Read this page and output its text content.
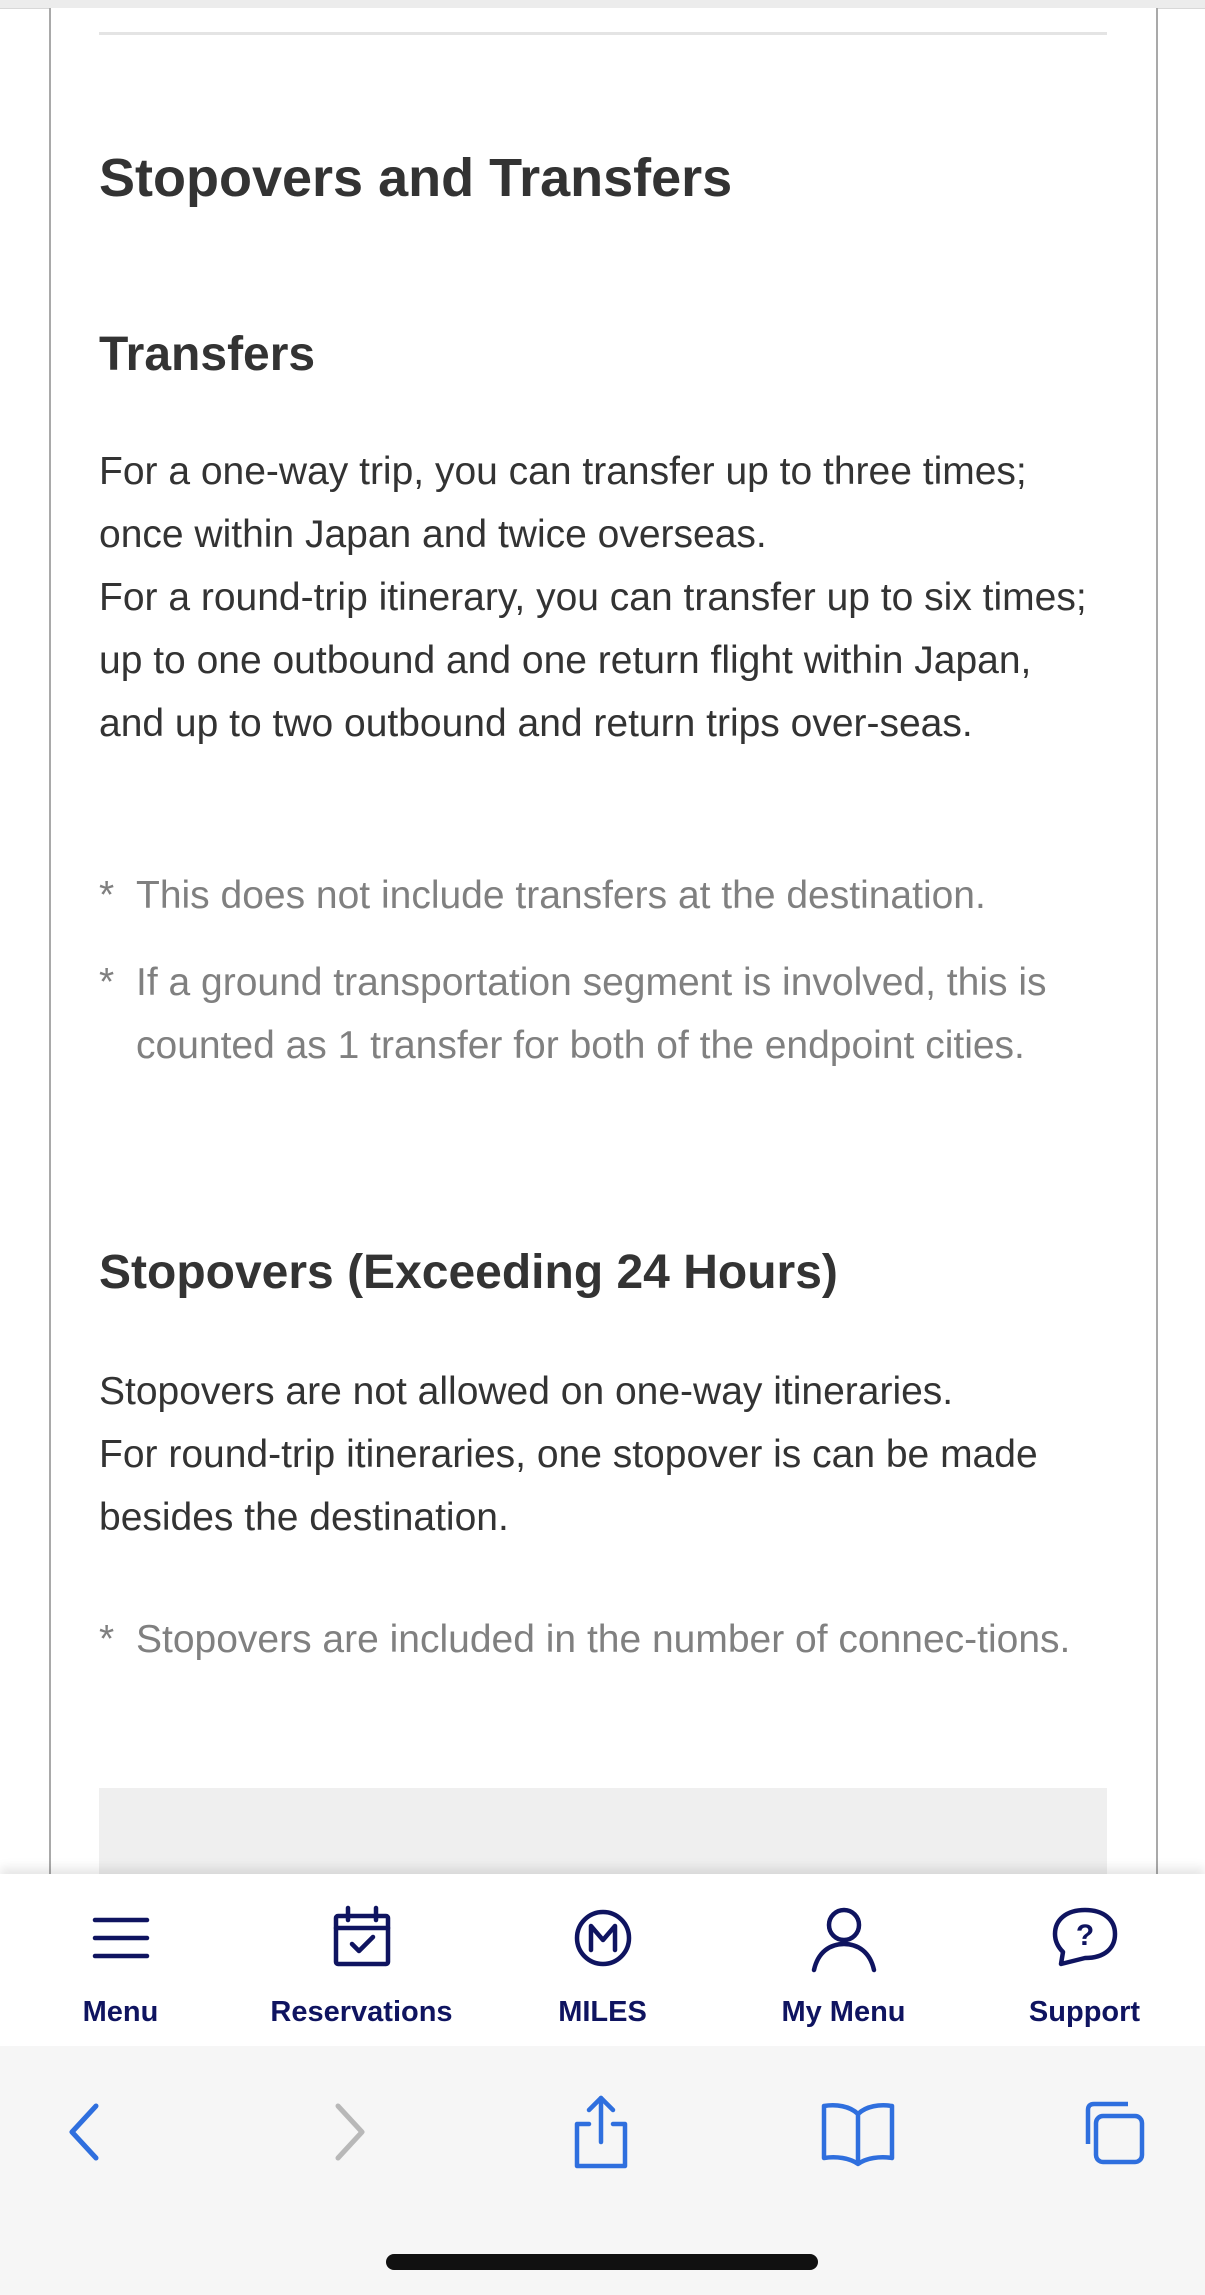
Stopovers and Transfers
Transfers

For a one-way trip, you can transfer up to three times; once within Japan and twice overseas.

For a round-trip itinerary, you can transfer up to six times; up to one outbound and one return flight within Japan, and up to two outbound and return trips over-seas.

* This does not include transfers at the destination.
* If a ground transportation segment is involved, this is counted as 1 transfer for both of the endpoint cities.
Stopovers (Exceeding 24 Hours)

Stopovers are not allowed on one-way itineraries.

For round-trip itineraries, one stopover is can be made besides the destination.

* Stopovers are included in the number of connec-tions.
Menu	Reservations	MILES	My Menu
?
Support
